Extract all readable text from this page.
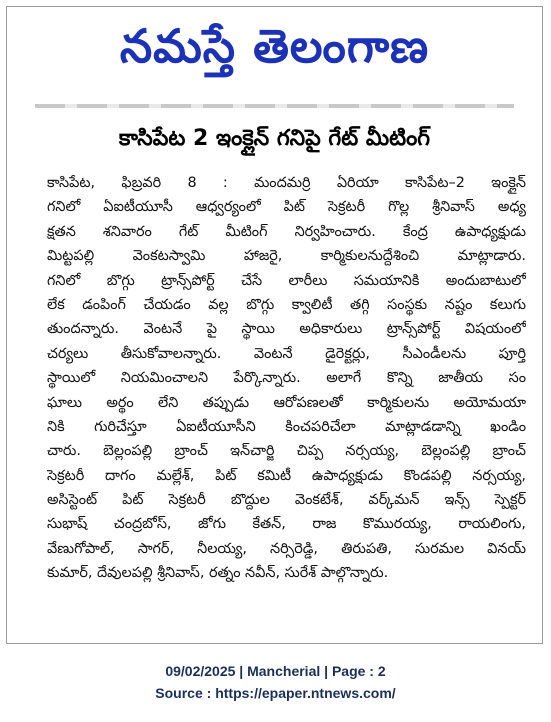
నమస్తే తెలంగాణ
కాసిపేట 2 ఇంక్లైన్ గనిపై గేట్ మీటింగ్
కాసిపేట, ఫిబ్రవరి 8 : మందమర్రి ఏరియా కాసిపేట–2 ఇంక్లైన్
గనిలో ఏఐటీయూసీ ఆధ్వర్యంలో పిట్ సెక్రటరీ గొల్ల శ్రీనివాస్ అధ్య
క్షతన శనివారం గేట్ మీటింగ్ నిర్వహించారు. కేంద్ర ఉపాధ్యక్షుడు
మిట్టపల్లి వెంకటస్వామి హాజరై, కార్మికులనుద్దేశించి మాట్లాడారు.
గనిలో బొగ్గు ట్రాన్స్‌పోర్ట్ చేసే లారీలు సమయానికి అందుబాటులో
లేక డంపింగ్ చేయడం వల్ల బొగ్గు క్వాలిటీ తగ్గి సంస్థకు నష్టం కలుగు
తుందన్నారు. వెంటనే పై స్థాయి అధికారులు ట్రాన్స్‌పోర్ట్ విషయంలో
చర్యలు తీసుకోవాలన్నారు. వెంటనే డైరెక్టర్లు, సీఎండీలను పూర్తి
స్థాయిలో నియమించాలని పేర్కొన్నారు. అలాగే కొన్ని జాతీయ సం
ఘాలు అర్థం లేని తప్పుడు ఆరోపణలతో కార్మికులను అయోమయా
నికి గురిచేస్తూ ఏఐటీయూసీని కించపరిచేలా మాట్లాడడాన్ని ఖండిం
చారు. బెల్లంపల్లి బ్రాంచ్ ఇన్‌చార్జి చిప్ప నర్సయ్య, బెల్లంపల్లి బ్రాంచ్
సెక్రటరీ దాగం మల్లేశ్, పిట్ కమిటీ ఉపాధ్యక్షుడు కొండపల్లి నర్సయ్య,
అసిస్టెంట్ పిట్ సెక్రటరీ బొద్దుల వెంకటేశ్, వర్క్‌మన్ ఇన్స్ స్పెక్టర్
సుభాష్ చంద్రబోస్, జోగు కేతన్, రాజ కొమురయ్య, రాయలింగు,
వేణుగోపాల్, సాగర్, నీలయ్య, నర్సిరెడ్డి, తిరుపతి, సురమల వినయ్
కుమార్, దేవులపల్లి శ్రీనివాస్, రత్నం నవీన్, సురేశ్ పాల్గొన్నారు.
09/02/2025 | Mancherial | Page : 2
Source : https://epaper.ntnews.com/
